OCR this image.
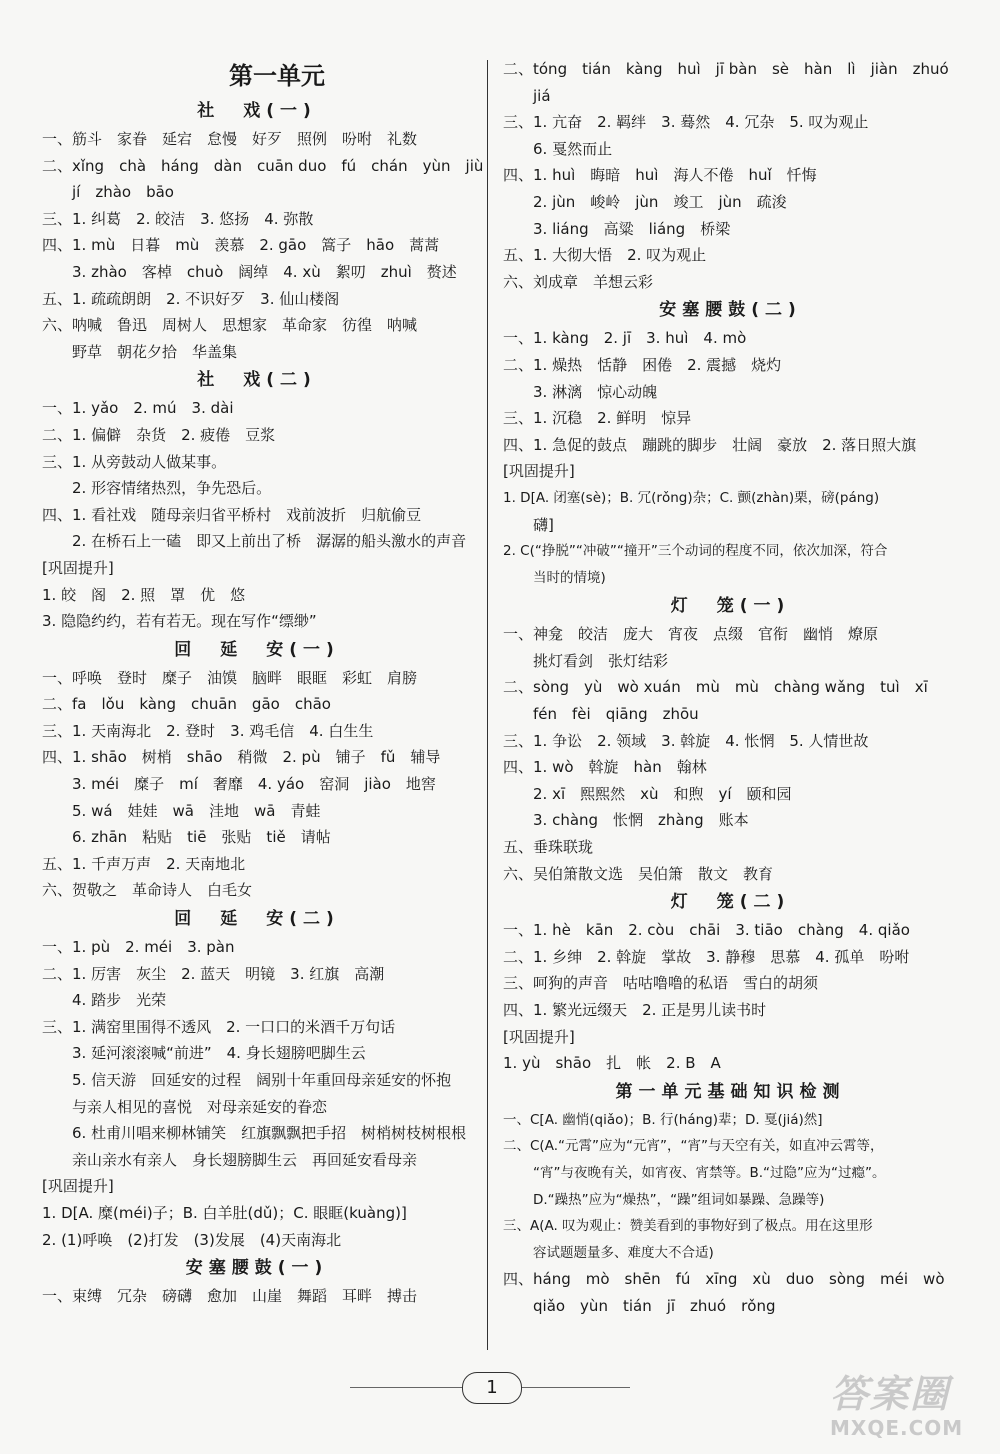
第一单元
社　戏(一)
一、筋斗　家眷　延宕　怠慢　好歹　照例　吩咐　礼数
二、xǐng　chà　háng　dàn　cuān duo　fú　chán　yùn　jiù
jí　zhào　bāo
三、1. 纠葛　2. 皎洁　3. 悠扬　4. 弥散
四、1. mù　日暮　mù　羡慕　2. gāo　篙子　hāo　蒿蒿
3. zhào　客棹　chuò　阔绰　4. xù　絮叨　zhuì　赘述
五、1. 疏疏朗朗　2. 不识好歹　3. 仙山楼阁
六、呐喊　鲁迅　周树人　思想家　革命家　彷徨　呐喊
野草　朝花夕拾　华盖集
社　戏(二)
一、1. yǎo　2. mú　3. dài
二、1. 偏僻　杂货　2. 疲倦　豆浆
三、1. 从旁鼓动人做某事。
2. 形容情绪热烈，争先恐后。
四、1. 看社戏　随母亲归省平桥村　戏前波折　归航偷豆
2. 在桥石上一磕　即又上前出了桥　潺潺的船头激水的声音
[巩固提升]
1. 皎　阁　2. 照　罩　优　悠
3. 隐隐约约，若有若无。现在写作“缥缈”
回　延　安(一)
一、呼唤　登时　糜子　油馍　脑畔　眼眶　彩虹　肩膀
二、fa　lǒu　kàng　chuān　gāo　chāo
三、1. 天南海北　2. 登时　3. 鸡毛信　4. 白生生
四、1. shāo　树梢　shāo　稍微　2. pù　铺子　fǔ　辅导
3. méi　糜子　mí　奢靡　4. yáo　窑洞　jiào　地窖
5. wá　娃娃　wā　洼地　wā　青蛙
6. zhān　粘贴　tiē　张贴　tiě　请帖
五、1. 千声万声　2. 天南地北
六、贺敬之　革命诗人　白毛女
回　延　安(二)
一、1. pù　2. méi　3. pàn
二、1. 厉害　灰尘　2. 蓝天　明镜　3. 红旗　高潮
4. 踏步　光荣
三、1. 满窑里围得不透风　2. 一口口的米酒千万句话
3. 延河滚滚喊“前进”　4. 身长翅膀吧脚生云
5. 信天游　回延安的过程　阔别十年重回母亲延安的怀抱
与亲人相见的喜悦　对母亲延安的眷恋
6. 杜甫川唱来柳林铺笑　红旗飘飘把手招　树梢树枝树根根
亲山亲水有亲人　身长翅膀脚生云　再回延安看母亲
[巩固提升]
1. D[A. 糜(méi)子；B. 白羊肚(dǔ)；C. 眼眶(kuàng)]
2. (1)呼唤　(2)打发　(3)发展　(4)天南海北
安塞腰鼓(一)
一、束缚　冗杂　磅礴　愈加　山崖　舞蹈　耳畔　搏击
二、tóng　tián　kàng　huì　jī bàn　sè　hàn　lì　jiàn　zhuó
jiá
三、1. 亢奋　2. 羁绊　3. 蓦然　4. 冗杂　5. 叹为观止
6. 戛然而止
四、1. huì　晦暗　huì　海人不倦　huǐ　忏悔
2. jùn　峻岭　jùn　竣工　jùn　疏浚
3. liáng　高粱　liáng　桥梁
五、1. 大彻大悟　2. 叹为观止
六、刘成章　羊想云彩
安塞腰鼓(二)
一、1. kàng　2. jī　3. huì　4. mò
二、1. 燥热　恬静　困倦　2. 震撼　烧灼
3. 淋漓　惊心动魄
三、1. 沉稳　2. 鲜明　惊异
四、1. 急促的鼓点　蹦跳的脚步　壮阔　豪放　2. 落日照大旗
[巩固提升]
1. D[A. 闭塞(sè)；B. 冗(rǒng)杂；C. 颤(zhàn)栗，磅(páng)
礴]
2. C(“挣脱”“冲破”“撞开”三个动词的程度不同，依次加深，符合
当时的情境)
灯　笼(一)
一、神龛　皎洁　庞大　宵夜　点缀　官衔　幽悄　燎原
挑灯看剑　张灯结彩
二、sòng　yù　wò xuán　mù　mù　chàng wǎng　tuì　xī
fén　fèi　qiāng　zhōu
三、1. 争讼　2. 领域　3. 斡旋　4. 怅惘　5. 人情世故
四、1. wò　斡旋　hàn　翰林
2. xī　熙熙然　xù　和煦　yí　颐和园
3. chàng　怅惘　zhàng　账本
五、垂珠联珑
六、吴伯箫散文选　吴伯箫　散文　教育
灯　笼(二)
一、1. hè　kān　2. còu　chāi　3. tiāo　chàng　4. qiǎo
二、1. 乡绅　2. 斡旋　掌故　3. 静穆　思慕　4. 孤单　吩咐
三、呵狗的声音　咕咕噜噜的私语　雪白的胡须
四、1. 繁光远缀天　2. 正是男儿读书时
[巩固提升]
1. yù　shāo　扎　帐　2. B　A
第一单元基础知识检测
一、C[A. 幽悄(qiǎo)；B. 行(háng)辈；D. 戛(jiá)然]
二、C(A.“元霄”应为“元宵”，“宵”与天空有关，如直冲云霄等，
“宵”与夜晚有关，如宵夜、宵禁等。B.“过隐”应为“过瘾”。
D.“躁热”应为“燥热”，“躁”组词如暴躁、急躁等)
三、A(A. 叹为观止：赞美看到的事物好到了极点。用在这里形
容试题题量多、难度大不合适)
四、háng　mò　shēn　fú　xīng　xù　duo　sòng　méi　wò
qiǎo　yùn　tián　jī　zhuó　rǒng
1	答案圈
MXQE.COM
